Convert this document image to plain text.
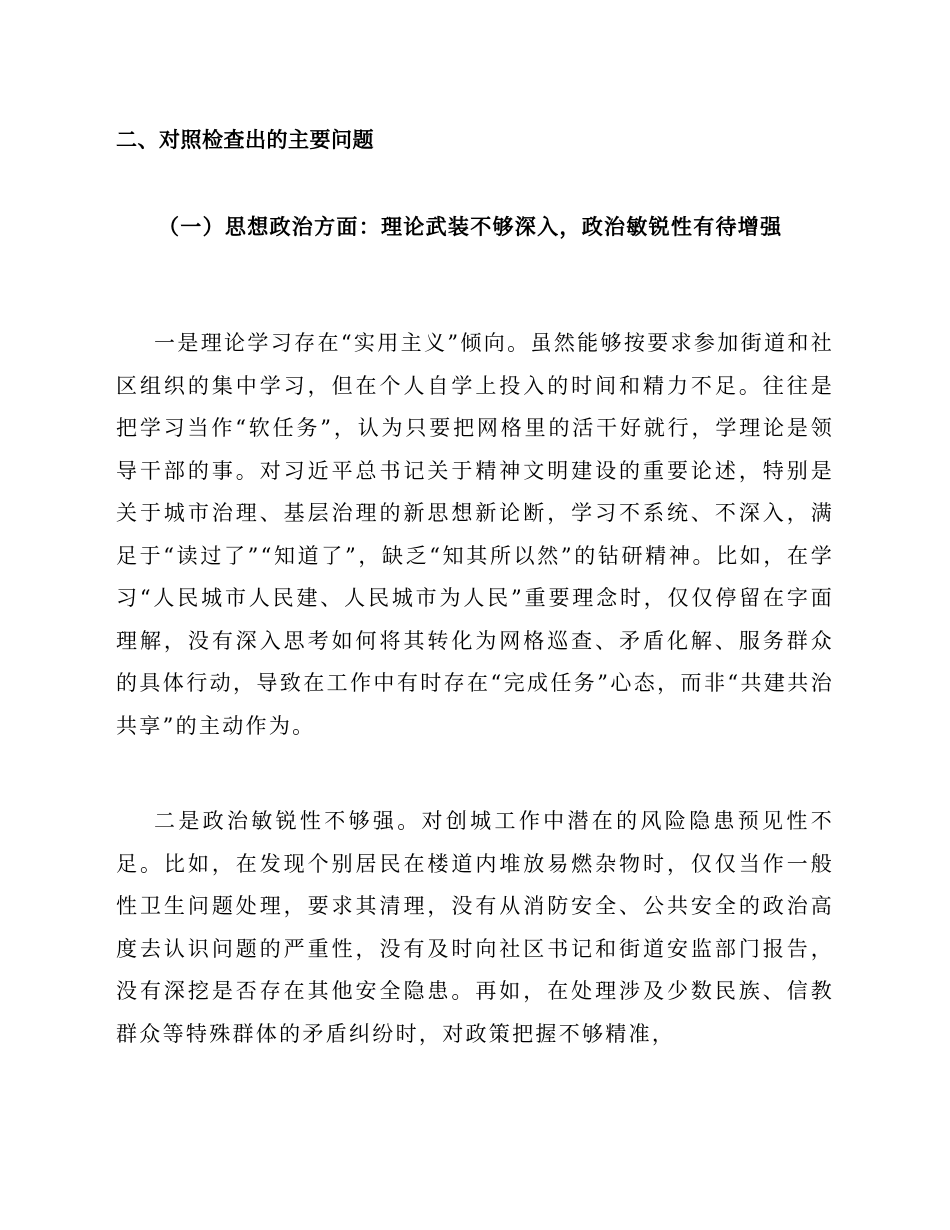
二、对照检查出的主要问题
（一）思想政治方面：理论武装不够深入，政治敏锐性有待增强

一是理论学习存在“实用主义”倾向。虽然能够按要求参加街道和社区组织的集中学习，但在个人自学上投入的时间和精力不足。往往是把学习当作“软任务”，认为只要把网格里的活干好就行，学理论是领导干部的事。对习近平总书记关于精神文明建设的重要论述，特别是关于城市治理、基层治理的新思想新论断，学习不系统、不深入，满足于“读过了”“知道了”，缺乏“知其所以然”的钻研精神。比如，在学习“人民城市人民建、人民城市为人民”重要理念时，仅仅停留在字面理解，没有深入思考如何将其转化为网格巡查、矛盾化解、服务群众的具体行动，导致在工作中有时存在“完成任务”心态，而非“共建共治共享”的主动作为。

二是政治敏锐性不够强。对创城工作中潜在的风险隐患预见性不足。比如，在发现个别居民在楼道内堆放易燃杂物时，仅仅当作一般性卫生问题处理，要求其清理，没有从消防安全、公共安全的政治高度去认识问题的严重性，没有及时向社区书记和街道安监部门报告，没有深挖是否存在其他安全隐患。再如，在处理涉及少数民族、信教群众等特殊群体的矛盾纠纷时，对政策把握不够精准，
